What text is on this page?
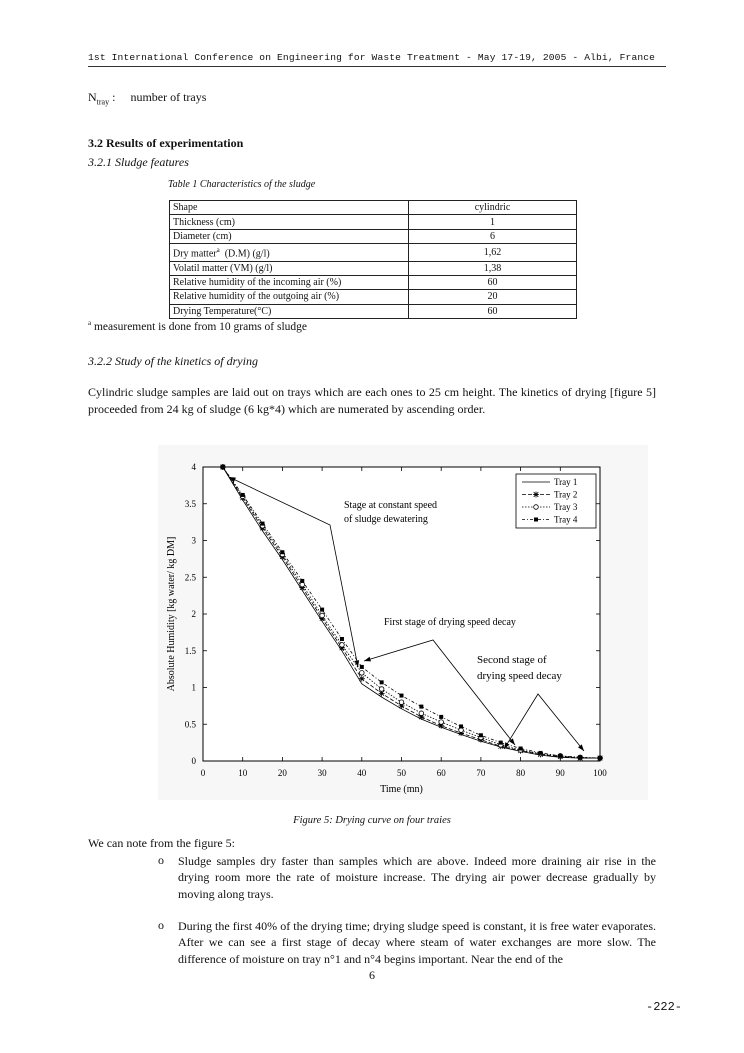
1st International Conference on Engineering for Waste Treatment - May 17-19, 2005 - Albi, France
$N_{tray}$ :     number of trays
3.2 Results of experimentation
3.2.1 Sludge features
Table 1 Characteristics of the sludge
Shape	cylindric
Thickness (cm)	1
Diameter (cm)	6
Dry matter$^a$  (D.M) (g/l)	1,62
Volatil matter (VM) (g/l)	1,38
Relative humidity of the incoming air (%)	60
Relative humidity of the outgoing air (%)	20
Drying Temperature(°C)	60
$^a$ measurement is done from 10 grams of sludge
3.2.2 Study of the kinetics of drying
Cylindric sludge samples are laid out on trays which are each ones to 25 cm height. The kinetics of drying [figure 5] proceeded from 24 kg of sludge (6 kg*4) which are numerated by ascending order.
Stage at constant speed
of sludge dewatering
First stage of drying speed decay
Second stage of
drying speed decay
Tray 1
Tray 2
Tray 3
Tray 4
0	10	20	30	40	50	60	70	80	90	100
0
0.5
1
1.5
2
2.5
3
3.5
4
Time (mn)
Absolute Humidity [kg water/ kg DM]
Figure 5: Drying curve on four traies
We can note from the figure 5:
o Sludge samples dry faster than samples which are above. Indeed more draining air rise in the drying room more the rate of moisture increase. The drying air power decrease gradually by moving along trays.
o During the first 40% of the drying time; drying sludge speed is constant, it is free water evaporates. After we can see a first stage of decay where steam of water exchanges are more slow. The difference of moisture on tray n°1 and n°4 begins important. Near the end of the
6
-222-
